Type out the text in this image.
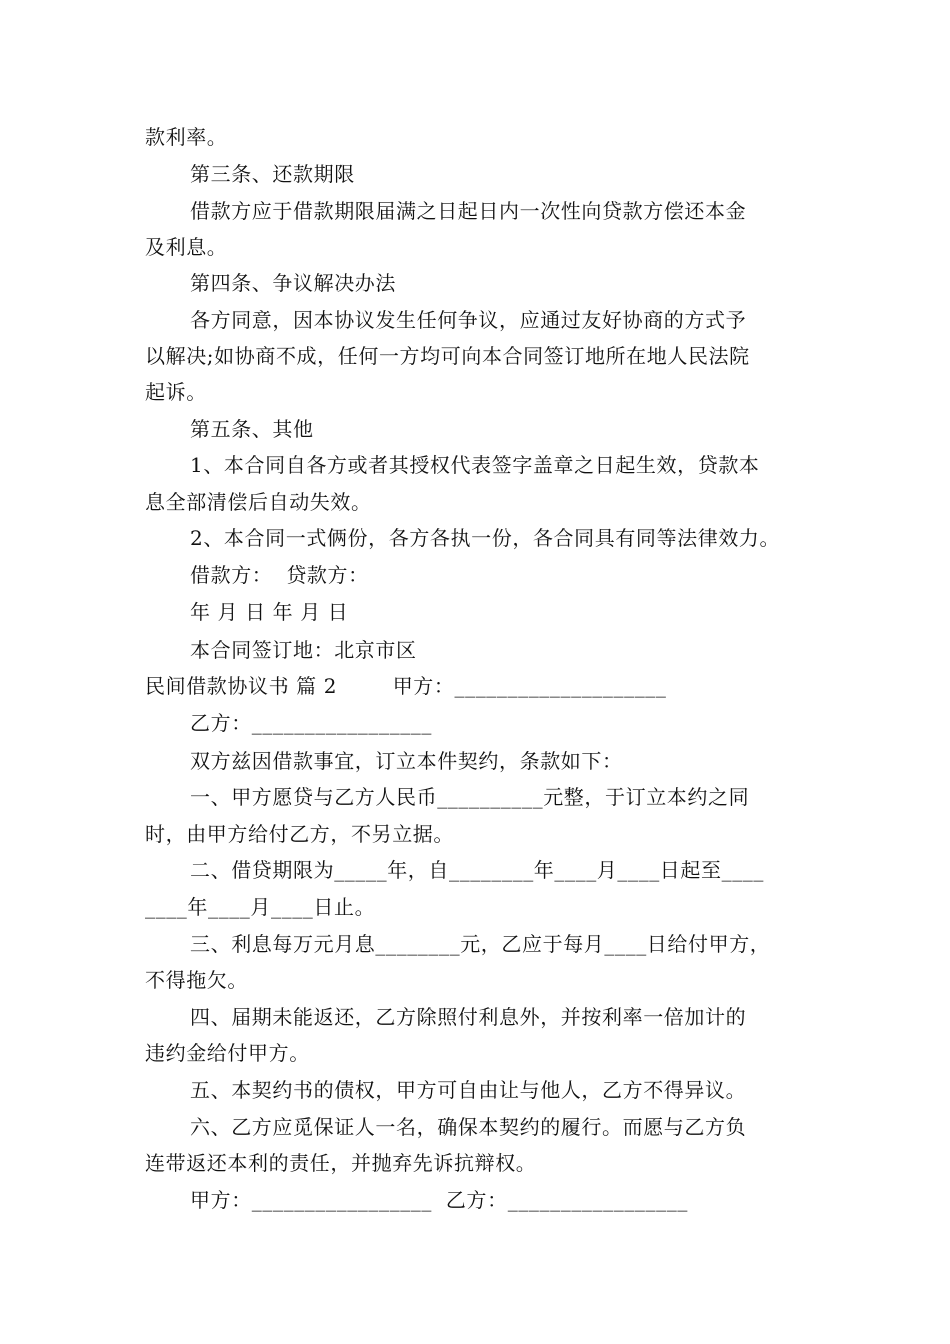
款利率。
第三条、还款期限
借款方应于借款期限届满之日起日内一次性向贷款方偿还本金
及利息。
第四条、争议解决办法
各方同意，因本协议发生任何争议，应通过友好协商的方式予
以解决;如协商不成，任何一方均可向本合同签订地所在地人民法院
起诉。
第五条、其他
1、本合同自各方或者其授权代表签字盖章之日起生效，贷款本
息全部清偿后自动失效。
2、本合同一式俩份，各方各执一份，各合同具有同等法律效力。
借款方：  贷款方：
年 月 日 年 月 日
本合同签订地：北京市区
民间借款协议书 篇 2        甲方：____________________
乙方：_________________
双方兹因借款事宜，订立本件契约，条款如下：
一、甲方愿贷与乙方人民币__________元整，于订立本约之同
时，由甲方给付乙方，不另立据。
二、借贷期限为_____年，自________年____月____日起至____
____年____月____日止。
三、利息每万元月息________元，乙应于每月____日给付甲方，
不得拖欠。
四、届期未能返还，乙方除照付利息外，并按利率一倍加计的
违约金给付甲方。
五、本契约书的债权，甲方可自由让与他人，乙方不得异议。
六、乙方应觅保证人一名，确保本契约的履行。而愿与乙方负
连带返还本利的责任，并抛弃先诉抗辩权。
甲方：_________________  乙方：_________________
